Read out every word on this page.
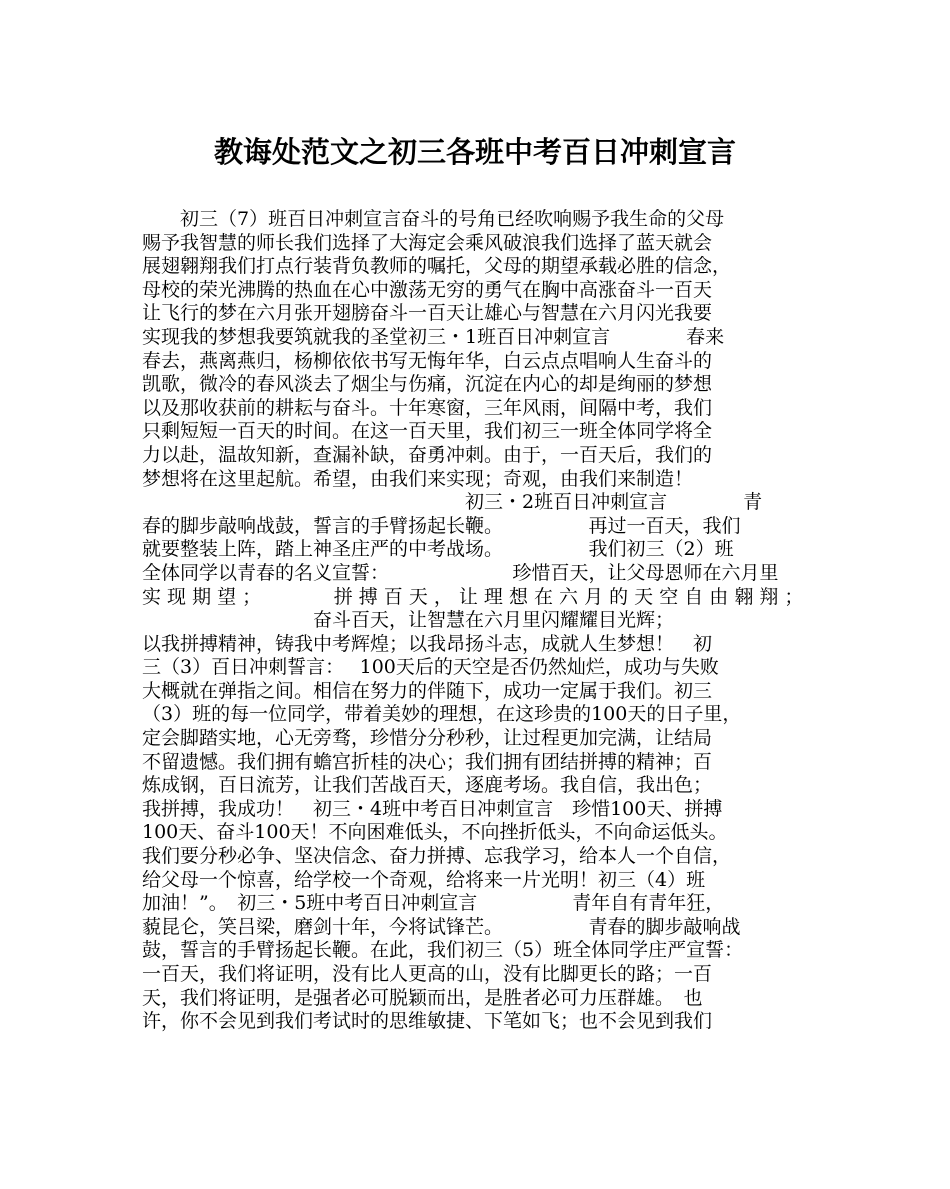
教诲处范文之初三各班中考百日冲刺宣言
初三（7）班百日冲刺宣言奋斗的号角已经吹响赐予我生命的父母
赐予我智慧的师长我们选择了大海定会乘风破浪我们选择了蓝天就会
展翅翱翔我们打点行装背负教师的嘱托，父母的期望承载必胜的信念，
母校的荣光沸腾的热血在心中激荡无穷的勇气在胸中高涨奋斗一百天
让飞行的梦在六月张开翅膀奋斗一百天让雄心与智慧在六月闪光我要
实现我的梦想我要筑就我的圣堂初三・1班百日冲刺宣言　　　　春来
春去，燕离燕归，杨柳依依书写无悔年华，白云点点唱响人生奋斗的
凯歌，微冷的春风淡去了烟尘与伤痛，沉淀在内心的却是绚丽的梦想
以及那收获前的耕耘与奋斗。十年寒窗，三年风雨，间隔中考，我们
只剩短短一百天的时间。在这一百天里，我们初三一班全体同学将全
力以赴，温故知新，查漏补缺，奋勇冲刺。由于，一百天后，我们的
梦想将在这里起航。希望，由我们来实现；奇观，由我们来制造！
　　　　　　　　　　　　　　　　　初三・2班百日冲刺宣言　　　　青
春的脚步敲响战鼓，誓言的手臂扬起长鞭。　　　　　再过一百天，我们
就要整装上阵，踏上神圣庄严的中考战场。　　　　　我们初三（2）班
全体同学以青春的名义宣誓：　　　　　　　珍惜百天，让父母恩师在六月里
实 现 期 望 ；　　　　 拼 搏 百 天 ， 让 理 想 在 六 月 的 天 空 自 由 翱 翔 ；
　　　　　　　　　奋斗百天，让智慧在六月里闪耀耀目光辉；
以我拼搏精神，铸我中考辉煌；以我昂扬斗志，成就人生梦想！　初
三（3）百日冲刺誓言：　 100天后的天空是否仍然灿烂，成功与失败
大概就在弹指之间。相信在努力的伴随下，成功一定属于我们。初三
（3）班的每一位同学，带着美妙的理想，在这珍贵的100天的日子里，
定会脚踏实地，心无旁骛，珍惜分分秒秒，让过程更加完满，让结局
不留遗憾。我们拥有蟾宫折桂的决心；我们拥有团结拼搏的精神；百
炼成钢，百日流芳，让我们苦战百天，逐鹿考场。我自信，我出色；
我拼搏，我成功！　初三・4班中考百日冲刺宣言　珍惜100天、拼搏
100天、奋斗100天！不向困难低头，不向挫折低头，不向命运低头。
我们要分秒必争、坚决信念、奋力拼搏、忘我学习，给本人一个自信，
给父母一个惊喜，给学校一个奇观，给将来一片光明！初三（4）班
加油！”。　初三・5班中考百日冲刺宣言　　　　　青年自有青年狂，
藐昆仑，笑吕梁，磨剑十年，今将试锋芒。　　　　　青春的脚步敲响战
鼓，誓言的手臂扬起长鞭。在此，我们初三（5）班全体同学庄严宣誓：
一百天，我们将证明，没有比人更高的山，没有比脚更长的路；一百
天，我们将证明，是强者必可脱颖而出，是胜者必可力压群雄。　也
许，你不会见到我们考试时的思维敏捷、下笔如飞；也不会见到我们
